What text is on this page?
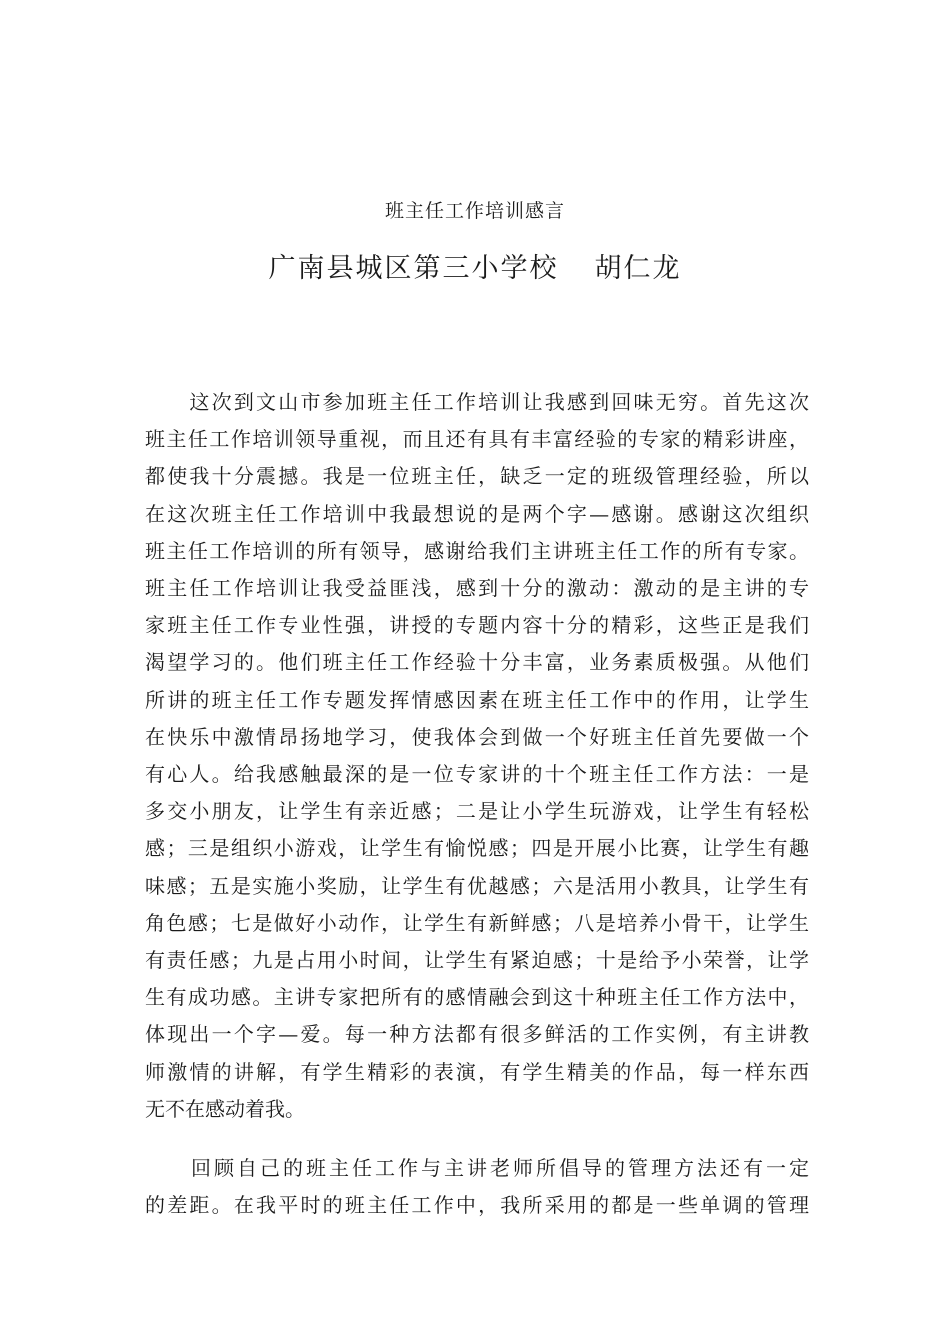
班主任工作培训感言
广南县城区第三小学校 胡仁龙
　　这次到文山市参加班主任工作培训让我感到回味无穷。首先这次
班主任工作培训领导重视，而且还有具有丰富经验的专家的精彩讲座，
都使我十分震撼。我是一位班主任，缺乏一定的班级管理经验，所以
在这次班主任工作培训中我最想说的是两个字—感谢。感谢这次组织
班主任工作培训的所有领导，感谢给我们主讲班主任工作的所有专家。
班主任工作培训让我受益匪浅，感到十分的激动：激动的是主讲的专
家班主任工作专业性强，讲授的专题内容十分的精彩，这些正是我们
渴望学习的。他们班主任工作经验十分丰富，业务素质极强。从他们
所讲的班主任工作专题发挥情感因素在班主任工作中的作用，让学生
在快乐中激情昂扬地学习，使我体会到做一个好班主任首先要做一个
有心人。给我感触最深的是一位专家讲的十个班主任工作方法：一是
多交小朋友，让学生有亲近感；二是让小学生玩游戏，让学生有轻松
感；三是组织小游戏，让学生有愉悦感；四是开展小比赛，让学生有趣
味感；五是实施小奖励，让学生有优越感；六是活用小教具，让学生有
角色感；七是做好小动作，让学生有新鲜感；八是培养小骨干，让学生
有责任感；九是占用小时间，让学生有紧迫感；十是给予小荣誉，让学
生有成功感。主讲专家把所有的感情融会到这十种班主任工作方法中，
体现出一个字—爱。每一种方法都有很多鲜活的工作实例，有主讲教
师激情的讲解，有学生精彩的表演，有学生精美的作品，每一样东西
无不在感动着我。
　　回顾自己的班主任工作与主讲老师所倡导的管理方法还有一定
的差距。在我平时的班主任工作中，我所采用的都是一些单调的管理
